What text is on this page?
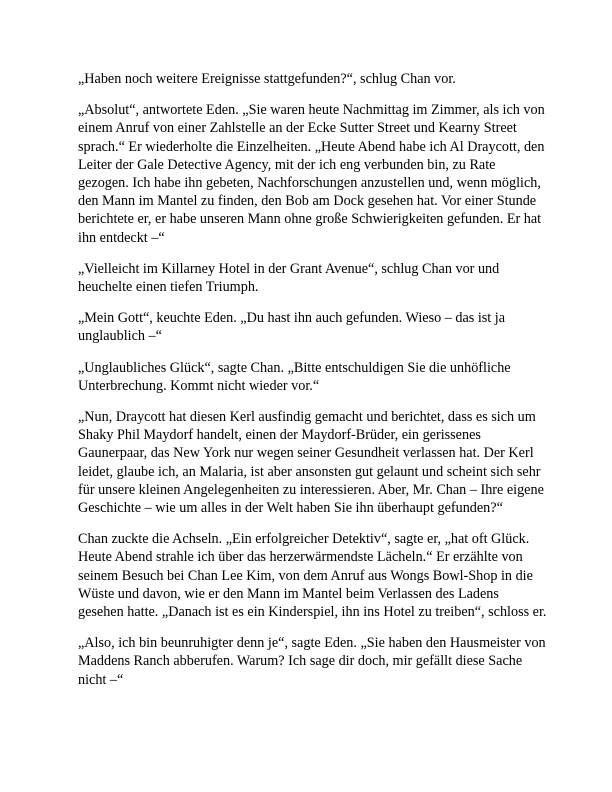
„Haben noch weitere Ereignisse stattgefunden?“, schlug Chan vor.

„Absolut“, antwortete Eden. „Sie waren heute Nachmittag im Zimmer, als ich von einem Anruf von einer Zahlstelle an der Ecke Sutter Street und Kearny Street sprach.“ Er wiederholte die Einzelheiten. „Heute Abend habe ich Al Draycott, den Leiter der Gale Detective Agency, mit der ich eng verbunden bin, zu Rate gezogen. Ich habe ihn gebeten, Nachforschungen anzustellen und, wenn möglich, den Mann im Mantel zu finden, den Bob am Dock gesehen hat. Vor einer Stunde berichtete er, er habe unseren Mann ohne große Schwierigkeiten gefunden. Er hat ihn entdeckt –“

„Vielleicht im Killarney Hotel in der Grant Avenue“, schlug Chan vor und heuchelte einen tiefen Triumph.

„Mein Gott“, keuchte Eden. „Du hast ihn auch gefunden. Wieso – das ist ja unglaublich –“

„Unglaubliches Glück“, sagte Chan. „Bitte entschuldigen Sie die unhöfliche Unterbrechung. Kommt nicht wieder vor.“

„Nun, Draycott hat diesen Kerl ausfindig gemacht und berichtet, dass es sich um Shaky Phil Maydorf handelt, einen der Maydorf-Brüder, ein gerissenes Gaunerpaar, das New York nur wegen seiner Gesundheit verlassen hat. Der Kerl leidet, glaube ich, an Malaria, ist aber ansonsten gut gelaunt und scheint sich sehr für unsere kleinen Angelegenheiten zu interessieren. Aber, Mr. Chan – Ihre eigene Geschichte – wie um alles in der Welt haben Sie ihn überhaupt gefunden?“

Chan zuckte die Achseln. „Ein erfolgreicher Detektiv“, sagte er, „hat oft Glück. Heute Abend strahle ich über das herzerwärmendste Lächeln.“ Er erzählte von seinem Besuch bei Chan Lee Kim, von dem Anruf aus Wongs Bowl-Shop in die Wüste und davon, wie er den Mann im Mantel beim Verlassen des Ladens gesehen hatte. „Danach ist es ein Kinderspiel, ihn ins Hotel zu treiben“, schloss er.

„Also, ich bin beunruhigter denn je“, sagte Eden. „Sie haben den Hausmeister von Maddens Ranch abberufen. Warum? Ich sage dir doch, mir gefällt diese Sache nicht –“
